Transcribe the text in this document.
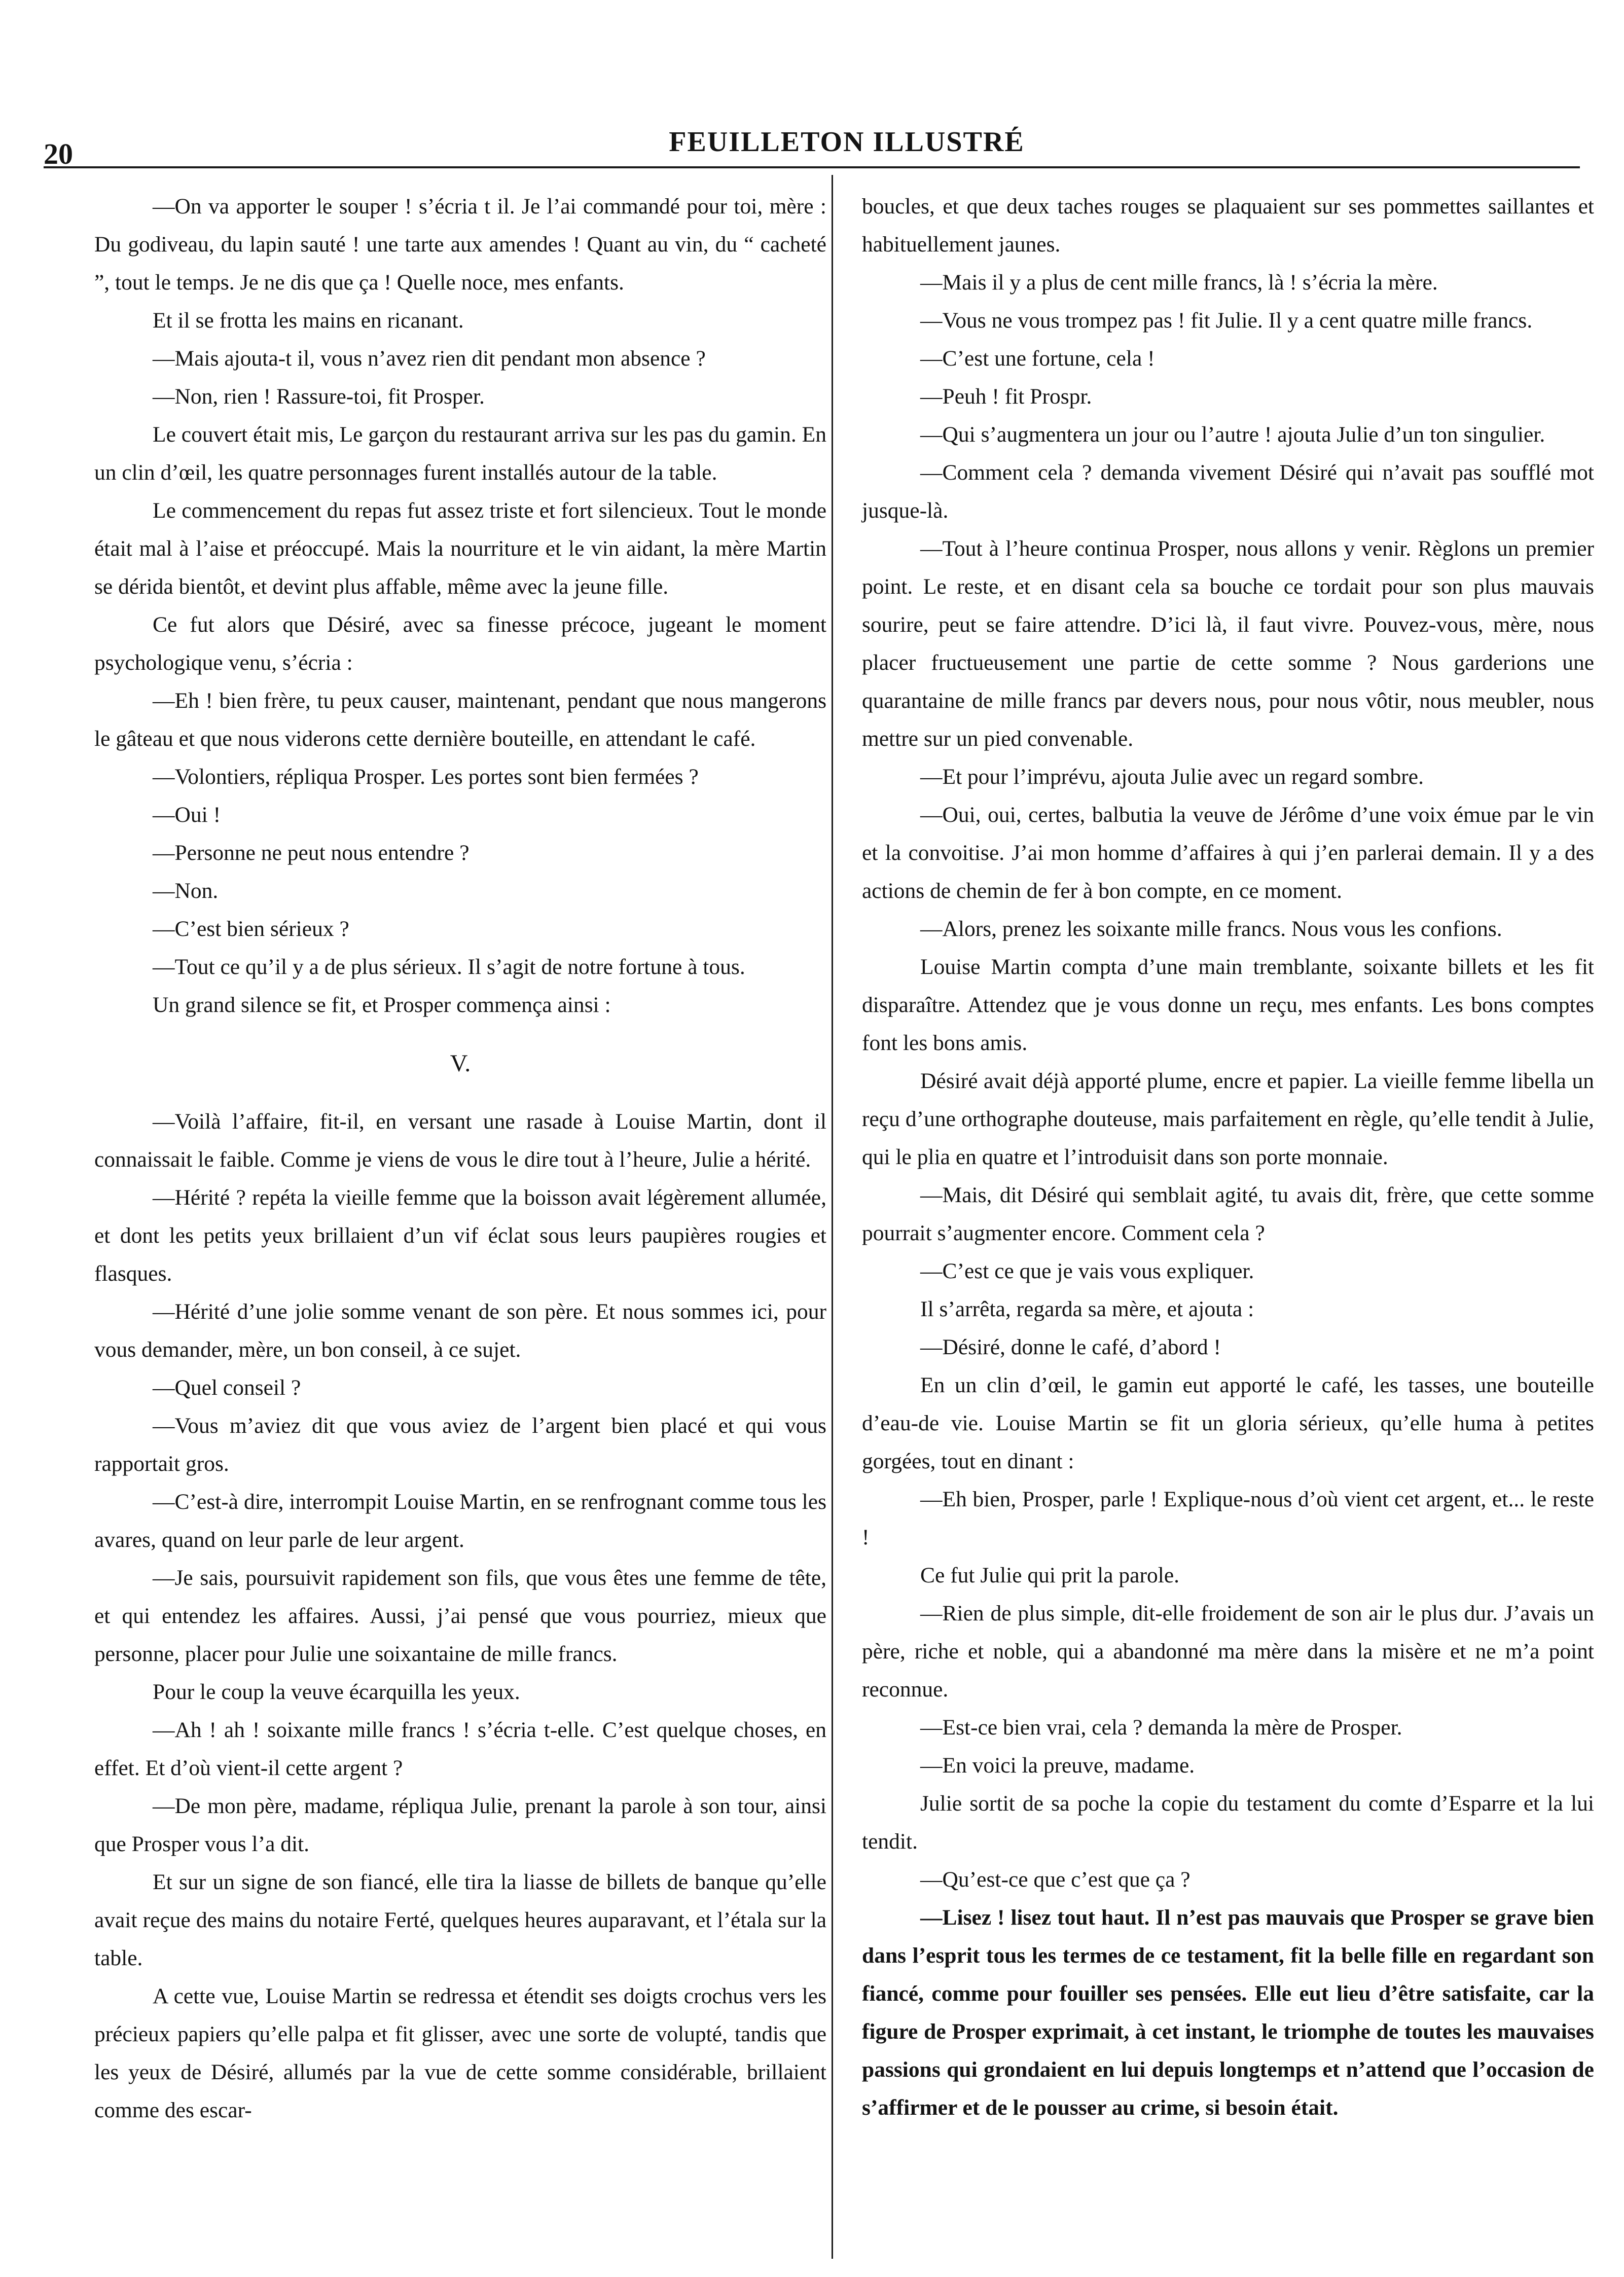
20	FEUILLETON ILLUSTRÉ

—On va apporter le souper ! s’écria t il. Je l’ai commandé pour toi, mère : Du godiveau, du lapin sauté ! une tarte aux amendes ! Quant au vin, du “ cacheté ”, tout le temps. Je ne dis que ça ! Quelle noce, mes enfants.

Et il se frotta les mains en ricanant.

—Mais ajouta-t il, vous n’avez rien dit pendant mon absence ?

—Non, rien ! Rassure-toi, fit Prosper.

Le couvert était mis, Le garçon du restaurant arriva sur les pas du gamin. En un clin d’œil, les quatre personnages furent installés autour de la table.

Le commencement du repas fut assez triste et fort silencieux. Tout le monde était mal à l’aise et préoccupé. Mais la nourriture et le vin aidant, la mère Martin se dérida bientôt, et devint plus affable, même avec la jeune fille.

Ce fut alors que Désiré, avec sa finesse précoce, jugeant le moment psychologique venu, s’écria :

—Eh ! bien frère, tu peux causer, maintenant, pendant que nous mangerons le gâteau et que nous viderons cette dernière bouteille, en attendant le café.

—Volontiers, répliqua Prosper. Les portes sont bien fermées ?

—Oui !

—Personne ne peut nous entendre ?

—Non.

—C’est bien sérieux ?

—Tout ce qu’il y a de plus sérieux. Il s’agit de notre fortune à tous.

Un grand silence se fit, et Prosper commença ainsi :

V.

—Voilà l’affaire, fit-il, en versant une rasade à Louise Martin, dont il connaissait le faible. Comme je viens de vous le dire tout à l’heure, Julie a hérité.

—Hérité ? repéta la vieille femme que la boisson avait légèrement allumée, et dont les petits yeux brillaient d’un vif éclat sous leurs paupières rougies et flasques.

—Hérité d’une jolie somme venant de son père. Et nous sommes ici, pour vous demander, mère, un bon conseil, à ce sujet.

—Quel conseil ?

—Vous m’aviez dit que vous aviez de l’argent bien placé et qui vous rapportait gros.

—C’est-à dire, interrompit Louise Martin, en se renfrognant comme tous les avares, quand on leur parle de leur argent.

—Je sais, poursuivit rapidement son fils, que vous êtes une femme de tête, et qui entendez les affaires. Aussi, j’ai pensé que vous pourriez, mieux que personne, placer pour Julie une soixantaine de mille francs.

Pour le coup la veuve écarquilla les yeux.

—Ah ! ah ! soixante mille francs ! s’écria t-elle. C’est quelque choses, en effet. Et d’où vient-il cette argent ?

—De mon père, madame, répliqua Julie, prenant la parole à son tour, ainsi que Prosper vous l’a dit.

Et sur un signe de son fiancé, elle tira la liasse de billets de banque qu’elle avait reçue des mains du notaire Ferté, quelques heures auparavant, et l’étala sur la table.

A cette vue, Louise Martin se redressa et étendit ses doigts crochus vers les précieux papiers qu’elle palpa et fit glisser, avec une sorte de volupté, tandis que les yeux de Désiré, allumés par la vue de cette somme considérable, brillaient comme des escar-

boucles, et que deux taches rouges se plaquaient sur ses pommettes saillantes et habituellement jaunes.

—Mais il y a plus de cent mille francs, là ! s’écria la mère.

—Vous ne vous trompez pas ! fit Julie. Il y a cent quatre mille francs.

—C’est une fortune, cela !

—Peuh ! fit Prospr.

—Qui s’augmentera un jour ou l’autre ! ajouta Julie d’un ton singulier.

—Comment cela ? demanda vivement Désiré qui n’avait pas soufflé mot jusque-là.

—Tout à l’heure continua Prosper, nous allons y venir. Règlons un premier point. Le reste, et en disant cela sa bouche ce tordait pour son plus mauvais sourire, peut se faire attendre. D’ici là, il faut vivre. Pouvez-vous, mère, nous placer fructueusement une partie de cette somme ? Nous garderions une quarantaine de mille francs par devers nous, pour nous vôtir, nous meubler, nous mettre sur un pied convenable.

—Et pour l’imprévu, ajouta Julie avec un regard sombre.

—Oui, oui, certes, balbutia la veuve de Jérôme d’une voix émue par le vin et la convoitise. J’ai mon homme d’affaires à qui j’en parlerai demain. Il y a des actions de chemin de fer à bon compte, en ce moment.

—Alors, prenez les soixante mille francs. Nous vous les confions.

Louise Martin compta d’une main tremblante, soixante billets et les fit disparaître. Attendez que je vous donne un reçu, mes enfants. Les bons comptes font les bons amis.

Désiré avait déjà apporté plume, encre et papier. La vieille femme libella un reçu d’une orthographe douteuse, mais parfaitement en règle, qu’elle tendit à Julie, qui le plia en quatre et l’introduisit dans son porte monnaie.

—Mais, dit Désiré qui semblait agité, tu avais dit, frère, que cette somme pourrait s’augmenter encore. Comment cela ?

—C’est ce que je vais vous expliquer.

Il s’arrêta, regarda sa mère, et ajouta :

—Désiré, donne le café, d’abord !

En un clin d’œil, le gamin eut apporté le café, les tasses, une bouteille d’eau-de vie. Louise Martin se fit un gloria sérieux, qu’elle huma à petites gorgées, tout en dinant :

—Eh bien, Prosper, parle ! Explique-nous d’où vient cet argent, et... le reste !

Ce fut Julie qui prit la parole.

—Rien de plus simple, dit-elle froidement de son air le plus dur. J’avais un père, riche et noble, qui a abandonné ma mère dans la misère et ne m’a point reconnue.

—Est-ce bien vrai, cela ? demanda la mère de Prosper.

—En voici la preuve, madame.

Julie sortit de sa poche la copie du testament du comte d’Esparre et la lui tendit.

—Qu’est-ce que c’est que ça ?

—Lisez ! lisez tout haut. Il n’est pas mauvais que Prosper se grave bien dans l’esprit tous les termes de ce testament, fit la belle fille en regardant son fiancé, comme pour fouiller ses pensées. Elle eut lieu d’être satisfaite, car la figure de Prosper exprimait, à cet instant, le triomphe de toutes les mauvaises passions qui grondaient en lui depuis longtemps et n’attend que l’occasion de s’affirmer et de le pousser au crime, si besoin était.
